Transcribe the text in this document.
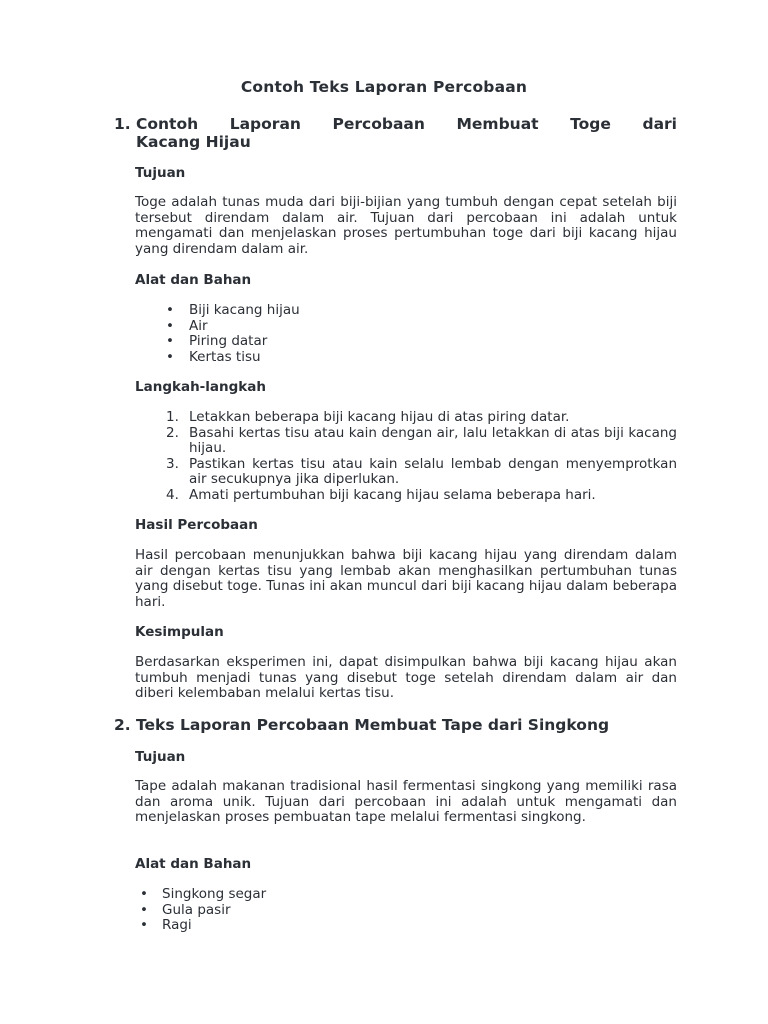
Contoh Teks Laporan Percobaan
1. Contoh Laporan Percobaan Membuat Toge dari
Kacang Hijau
Tujuan

Toge adalah tunas muda dari biji-bijian yang tumbuh dengan cepat setelah biji tersebut direndam dalam air. Tujuan dari percobaan ini adalah untuk mengamati dan menjelaskan proses pertumbuhan toge dari biji kacang hijau yang direndam dalam air.

Alat dan Bahan
• Biji kacang hijau
• Air
• Piring datar
• Kertas tisu
Langkah-langkah
1. Letakkan beberapa biji kacang hijau di atas piring datar.
2. Basahi kertas tisu atau kain dengan air, lalu letakkan di atas biji kacang hijau.
3. Pastikan kertas tisu atau kain selalu lembab dengan menyemprotkan air secukupnya jika diperlukan.
4. Amati pertumbuhan biji kacang hijau selama beberapa hari.
Hasil Percobaan

Hasil percobaan menunjukkan bahwa biji kacang hijau yang direndam dalam air dengan kertas tisu yang lembab akan menghasilkan pertumbuhan tunas yang disebut toge. Tunas ini akan muncul dari biji kacang hijau dalam beberapa hari.

Kesimpulan

Berdasarkan eksperimen ini, dapat disimpulkan bahwa biji kacang hijau akan tumbuh menjadi tunas yang disebut toge setelah direndam dalam air dan diberi kelembaban melalui kertas tisu.

2. Teks Laporan Percobaan Membuat Tape dari Singkong
Tujuan

Tape adalah makanan tradisional hasil fermentasi singkong yang memiliki rasa dan aroma unik. Tujuan dari percobaan ini adalah untuk mengamati dan menjelaskan proses pembuatan tape melalui fermentasi singkong.

Alat dan Bahan
• Singkong segar
• Gula pasir
• Ragi
